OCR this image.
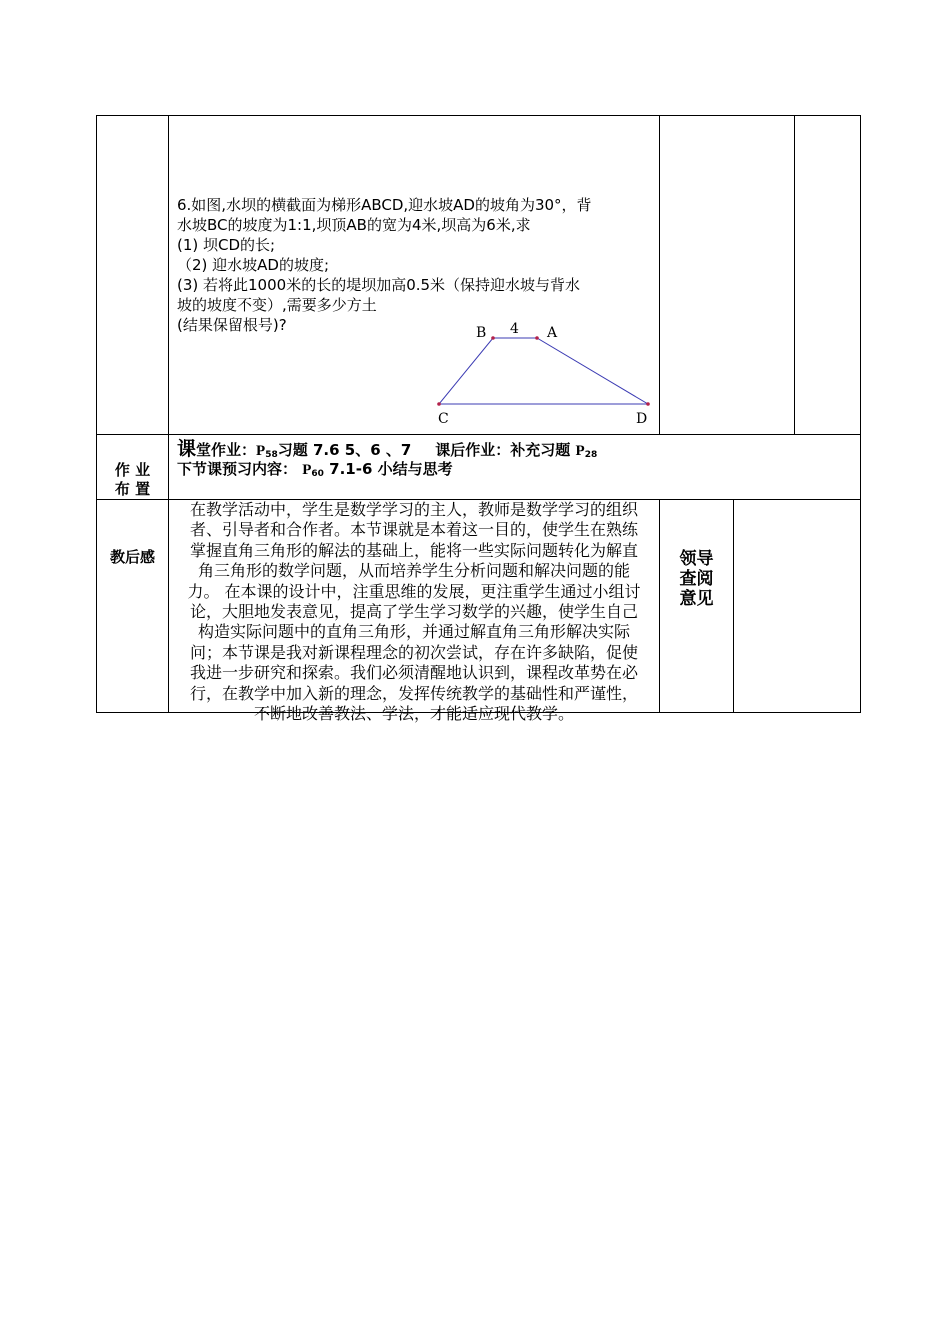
6.如图,水坝的横截面为梯形ABCD,迎水坡AD的坡角为30°，背
水坡BC的坡度为1:1,坝顶AB的宽为4米,坝高为6米,求
(1) 坝CD的长;
（2) 迎水坡AD的坡度;
(3) 若将此1000米的长的堤坝加高0.5米（保持迎水坡与背水
坡的坡度不变）,需要多少方土
(结果保留根号)?	B 4 A
C	D
作 业
布 置
课堂作业：$P_{58}$习题 7.6 5、6 、7 课后作业：补充习题 $P_{28}$
下节课预习内容： $P_{60}$ 7.1-6 小结与思考
教后感
在教学活动中，学生是数学学习的主人，教师是数学学习的组织
者、引导者和合作者。本节课就是本着这一目的，使学生在熟练
掌握直角三角形的解法的基础上，能将一些实际问题转化为解直
角三角形的数学问题，从而培养学生分析问题和解决问题的能
力。 在本课的设计中，注重思维的发展，更注重学生通过小组讨
论，大胆地发表意见，提高了学生学习数学的兴趣，使学生自己
构造实际问题中的直角三角形，并通过解直角三角形解决实际
问；本节课是我对新课程理念的初次尝试，存在许多缺陷，促使
我进一步研究和探索。我们必须清醒地认识到，课程改革势在必
行，在教学中加入新的理念，发挥传统教学的基础性和严谨性，
不断地改善教法、学法，才能适应现代教学。
领导
查阅
意见
